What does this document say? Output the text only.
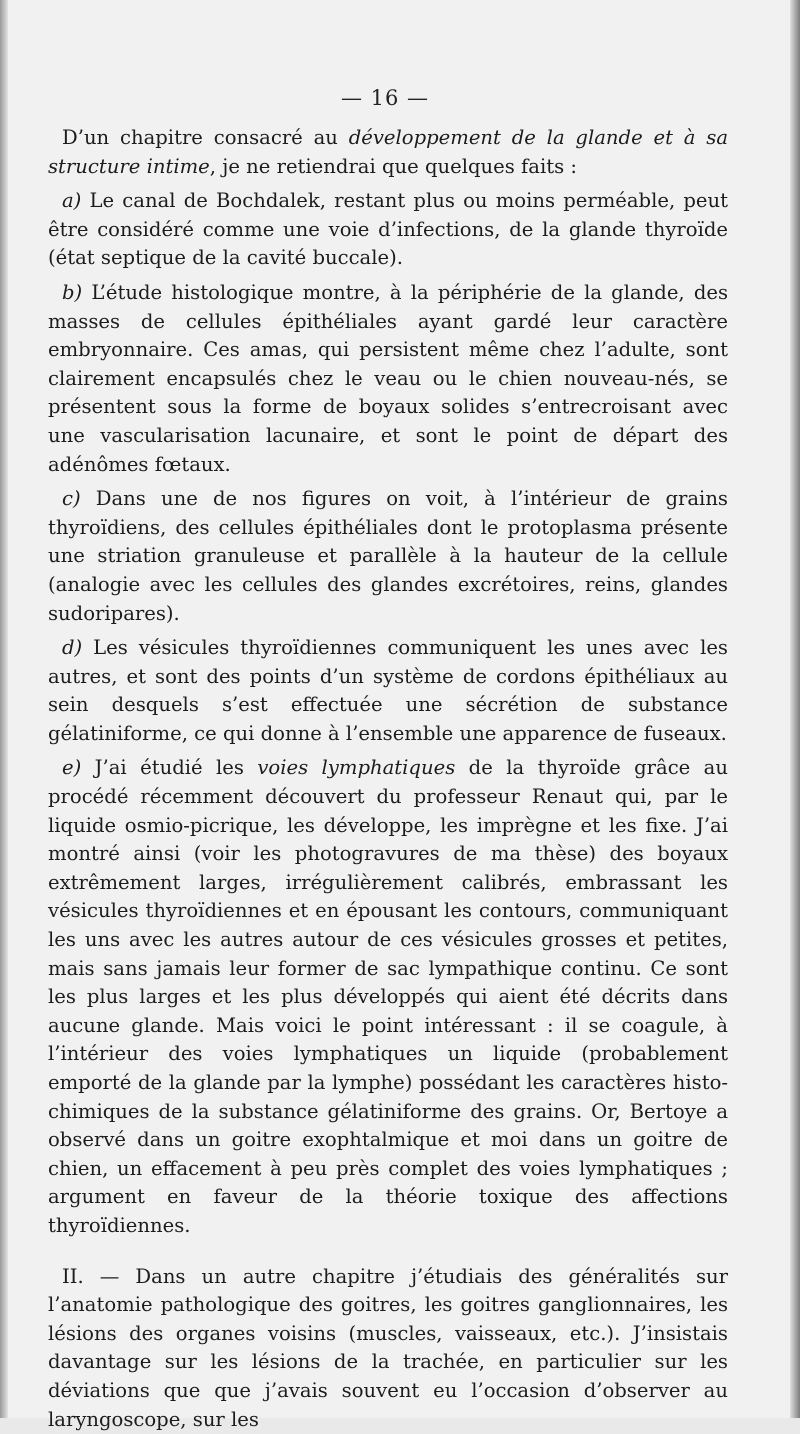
— 16 —

D’un chapitre consacré au développement de la glande et à sa structure intime, je ne retiendrai que quelques faits :

a) Le canal de Bochdalek, restant plus ou moins perméable, peut être considéré comme une voie d’infections, de la glande thyroïde (état septique de la cavité buccale).

b) L’étude histologique montre, à la périphérie de la glande, des masses de cellules épithéliales ayant gardé leur caractère embryonnaire. Ces amas, qui persistent même chez l’adulte, sont clairement encapsulés chez le veau ou le chien nouveau-nés, se présentent sous la forme de boyaux solides s’entrecroisant avec une vascularisation lacunaire, et sont le point de départ des adénômes fœtaux.

c) Dans une de nos figures on voit, à l’intérieur de grains thyroïdiens, des cellules épithéliales dont le protoplasma présente une striation granuleuse et parallèle à la hauteur de la cellule (analogie avec les cellules des glandes excrétoires, reins, glandes sudoripares).

d) Les vésicules thyroïdiennes communiquent les unes avec les autres, et sont des points d’un système de cordons épithéliaux au sein desquels s’est effectuée une sécrétion de substance gélatiniforme, ce qui donne à l’ensemble une apparence de fuseaux.

e) J’ai étudié les voies lymphatiques de la thyroïde grâce au procédé récemment découvert du professeur Renaut qui, par le liquide osmio-picrique, les développe, les imprègne et les fixe. J’ai montré ainsi (voir les photogravures de ma thèse) des boyaux extrêmement larges, irrégulièrement calibrés, embrassant les vésicules thyroïdiennes et en épousant les contours, communiquant les uns avec les autres autour de ces vésicules grosses et petites, mais sans jamais leur former de sac lympathique continu. Ce sont les plus larges et les plus développés qui aient été décrits dans aucune glande. Mais voici le point intéressant : il se coagule, à l’intérieur des voies lymphatiques un liquide (probablement emporté de la glande par la lymphe) possédant les caractères histo-chimiques de la substance gélatiniforme des grains. Or, Bertoye a observé dans un goitre exophtalmique et moi dans un goitre de chien, un effacement à peu près complet des voies lymphatiques ; argument en faveur de la théorie toxique des affections thyroïdiennes.

II. — Dans un autre chapitre j’étudiais des généralités sur l’anatomie pathologique des goitres, les goitres ganglionnaires, les lésions des organes voisins (muscles, vaisseaux, etc.). J’insistais davantage sur les lésions de la trachée, en particulier sur les déviations que que j’avais souvent eu l’occasion d’observer au laryngoscope, sur les
